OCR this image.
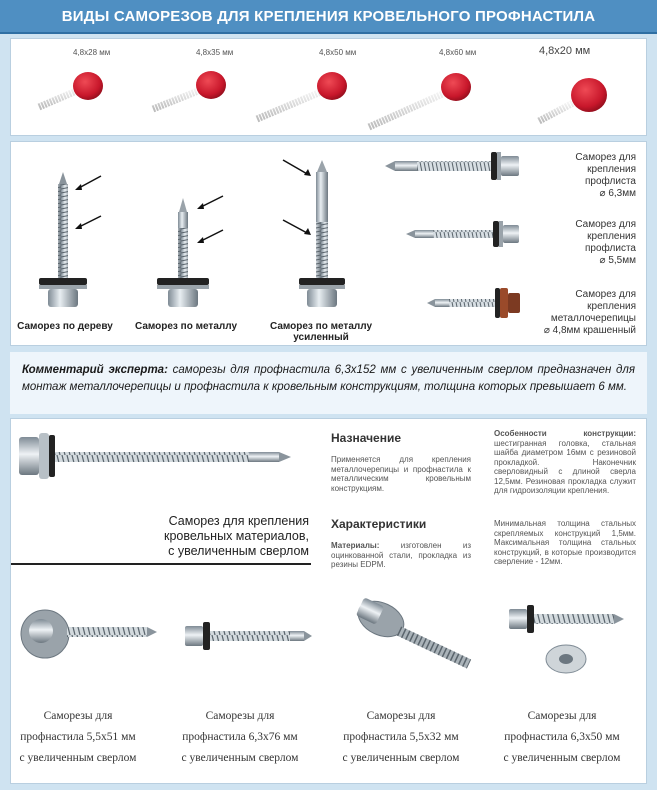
ВИДЫ САМОРЕЗОВ ДЛЯ КРЕПЛЕНИЯ КРОВЕЛЬНОГО ПРОФНАСТИЛА
4,8х28 мм	4,8х35 мм	4,8х50 мм	4,8х60 мм	4,8х20 мм
Саморез по дереву	Саморез по металлу	Саморез по металлу усиленный
Саморез для
крепления
профлиста
⌀ 6,3мм
Саморез для
крепления
профлиста
⌀ 5,5мм
Саморез для
крепления
металлочерепицы
⌀ 4,8мм крашенный

Комментарий эксперта: саморезы для профнастила 6,3х152 мм с увеличенным сверлом предназначен для монтаж металлочерепицы и профнастила к кровельным конструкциям, толщина которых превышает 6 мм.

Саморез для крепления
кровельных материалов,
с увеличенным сверлом
Назначение

Применяется для крепления металлочерепицы и профнастила к металлическим кровельным конструкциям.

Характеристики

Материалы: изготовлен из оцинкованной стали, прокладка из резины EDPM.

Особенности конструкции: шестигранная головка, стальная шайба диаметром 16мм с резиновой прокладкой. Наконечник сверловидный с длиной сверла 12,5мм. Резиновая прокладка служит для гидроизоляции крепления.

Минимальная толщина стальных скрепляемых конструкций 1,5мм. Максимальная толщина стальных конструкций, в которые производится сверление - 12мм.

Саморезы для
профнастила 5,5х51 мм
с увеличенным сверлом
Саморезы для
профнастила 6,3х76 мм
с увеличенным сверлом
Саморезы для
профнастила 5,5х32 мм
с увеличенным сверлом
Саморезы для
профнастила 6,3х50 мм
с увеличенным сверлом
